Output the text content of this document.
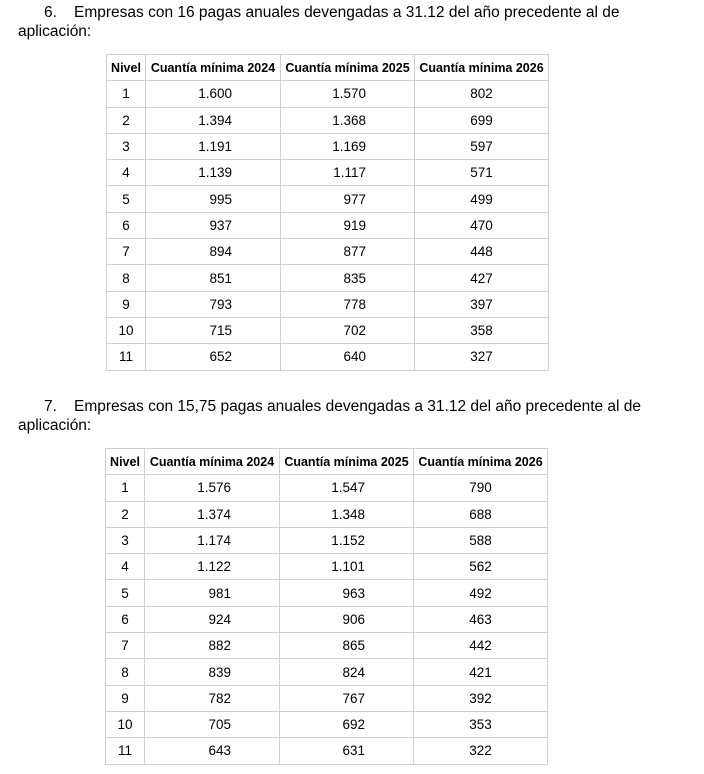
6. Empresas con 16 pagas anuales devengadas a 31.12 del año precedente al de aplicación:

Nivel	Cuantía mínima 2024	Cuantía mínima 2025	Cuantía mínima 2026
1	1.600	1.570	802
2	1.394	1.368	699
3	1.191	1.169	597
4	1.139	1.117	571
5	995	977	499
6	937	919	470
7	894	877	448
8	851	835	427
9	793	778	397
10	715	702	358
11	652	640	327

7. Empresas con 15,75 pagas anuales devengadas a 31.12 del año precedente al de aplicación:

Nivel	Cuantía mínima 2024	Cuantía mínima 2025	Cuantía mínima 2026
1	1.576	1.547	790
2	1.374	1.348	688
3	1.174	1.152	588
4	1.122	1.101	562
5	981	963	492
6	924	906	463
7	882	865	442
8	839	824	421
9	782	767	392
10	705	692	353
11	643	631	322
